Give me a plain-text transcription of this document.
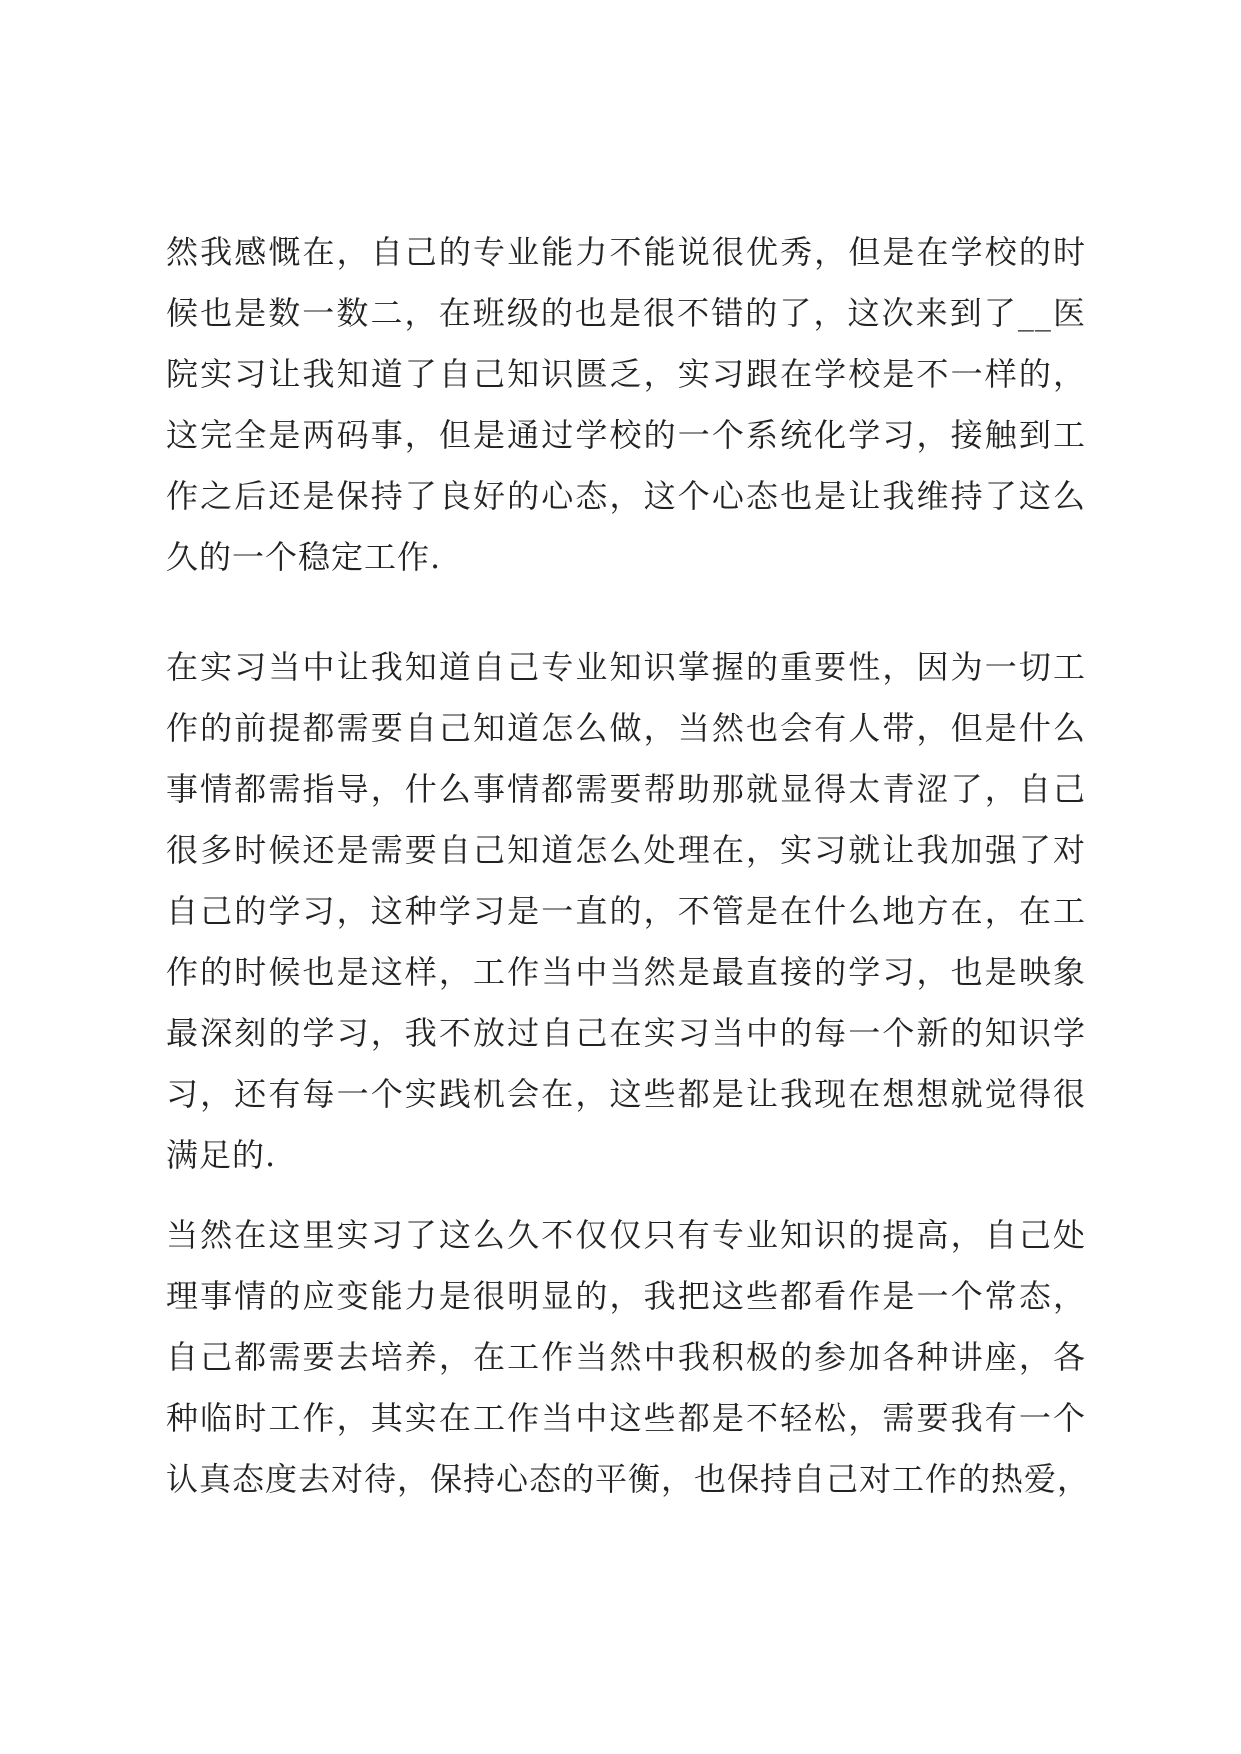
然我感慨在，自己的专业能力不能说很优秀，但是在学校的时
候也是数一数二，在班级的也是很不错的了，这次来到了__医
院实习让我知道了自己知识匮乏，实习跟在学校是不一样的，
这完全是两码事，但是通过学校的一个系统化学习，接触到工
作之后还是保持了良好的心态，这个心态也是让我维持了这么
久的一个稳定工作.
在实习当中让我知道自己专业知识掌握的重要性，因为一切工
作的前提都需要自己知道怎么做，当然也会有人带，但是什么
事情都需指导，什么事情都需要帮助那就显得太青涩了，自己
很多时候还是需要自己知道怎么处理在，实习就让我加强了对
自己的学习，这种学习是一直的，不管是在什么地方在，在工
作的时候也是这样，工作当中当然是最直接的学习，也是映象
最深刻的学习，我不放过自己在实习当中的每一个新的知识学
习，还有每一个实践机会在，这些都是让我现在想想就觉得很
满足的.
当然在这里实习了这么久不仅仅只有专业知识的提高，自己处
理事情的应变能力是很明显的，我把这些都看作是一个常态，
自己都需要去培养，在工作当然中我积极的参加各种讲座，各
种临时工作，其实在工作当中这些都是不轻松，需要我有一个
认真态度去对待，保持心态的平衡，也保持自己对工作的热爱，
